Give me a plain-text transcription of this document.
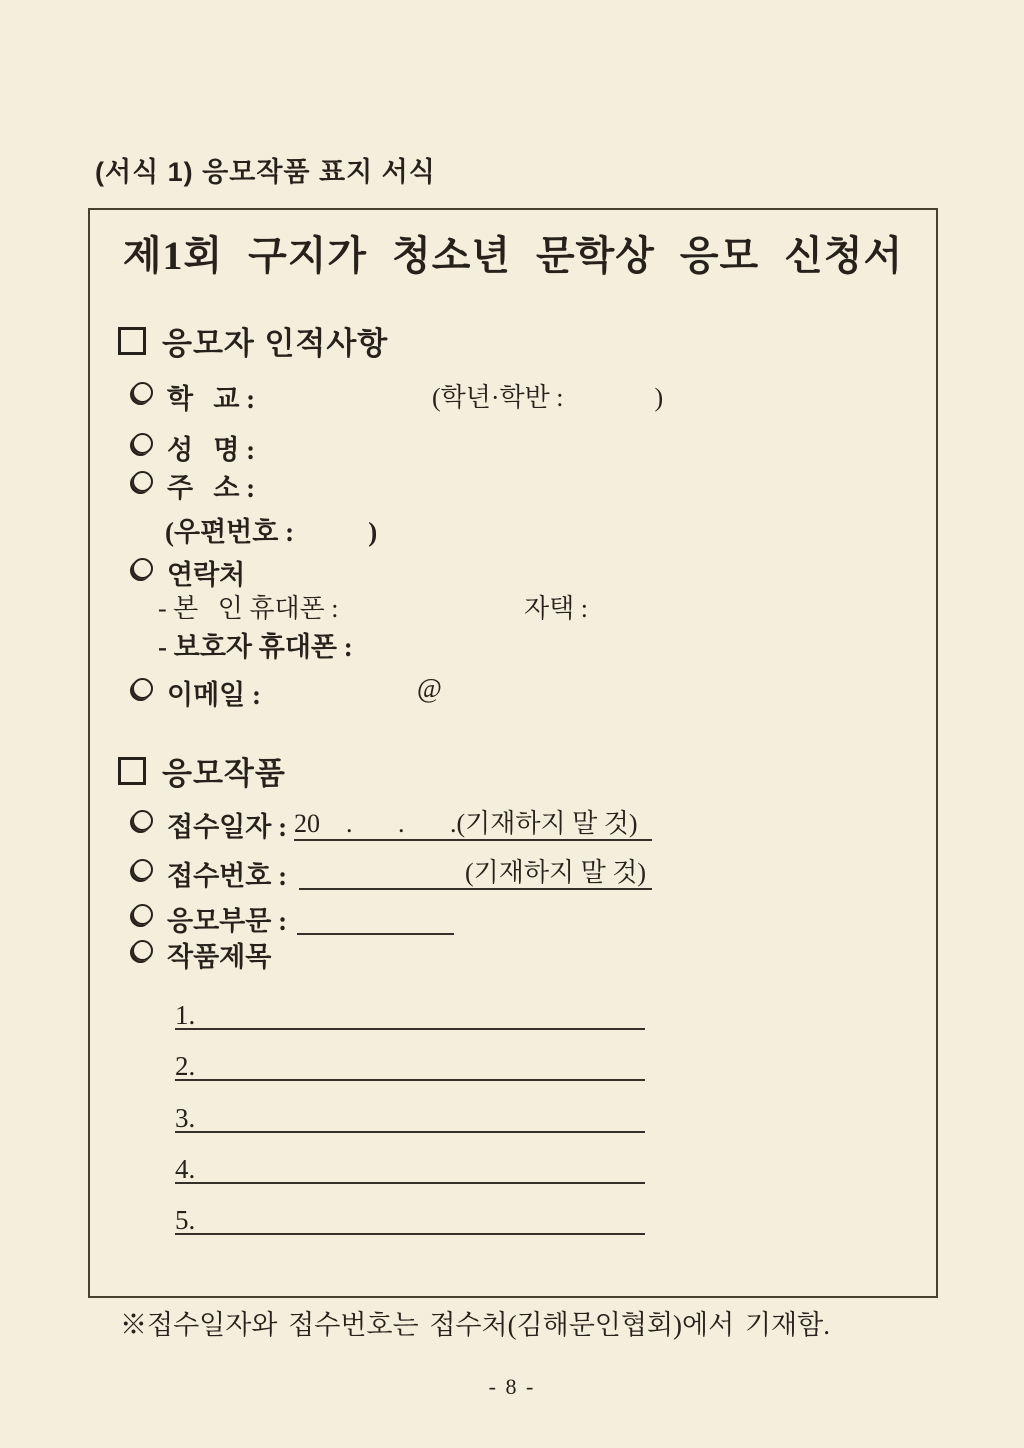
(서식 1) 응모작품 표지 서식
제1회 구지가 청소년 문학상 응모 신청서
응모자 인적사항
학   교 :	(학년·학반 :              )
성   명 :
주   소 :
(우편번호 :           )
연락처
- 본   인 휴대폰 :	자택 :
- 보호자 휴대폰 :
이메일 :	@
응모작품
접수일자 : 20    .       .       .(기재하지 말 것)
접수번호 :	(기재하지 말 것)
응모부문 :
작품제목
1.
2.
3.
4.
5.
※접수일자와 접수번호는 접수처(김해문인협회)에서 기재함.
- 8 -
